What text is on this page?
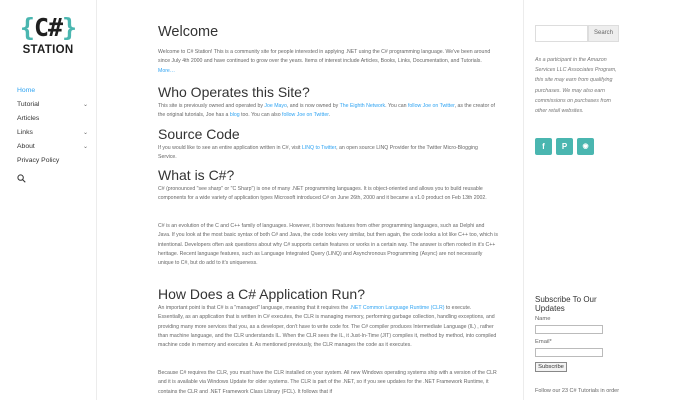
{C#}
STATION
Home
Tutorial	⌄
Articles
Links	⌄
About	⌄
Privacy Policy
Welcome

Welcome to C# Station! This is a community site for people interested in applying .NET using the C# programming language. We've been around since July 4th 2000 and have continued to grow over the years. Items of interest include Articles, Books, Links, Documentation, and Tutorials. More…

Who Operates this Site?

This site is previously owned and operated by Joe Mayo, and is now owned by The Eighth Network. You can follow Joe on Twitter, as the creator of the original tutorials, Joe has a blog too. You can also follow Joe on Twitter.

Source Code

If you would like to see an entire application written in C#, visit LINQ to Twitter, an open source LINQ Provider for the Twitter Micro-Blogging Service.

What is C#?

C# (pronounced "see sharp" or "C Sharp") is one of many .NET programming languages. It is object-oriented and allows you to build reusable components for a wide variety of application types Microsoft introduced C# on June 26th, 2000 and it became a v1.0 product on Feb 13th 2002.

C# is an evolution of the C and C++ family of languages. However, it borrows features from other programming languages, such as Delphi and Java. If you look at the most basic syntax of both C# and Java, the code looks very similar, but then again, the code looks a lot like C++ too, which is intentional. Developers often ask questions about why C# supports certain features or works in a certain way. The answer is often rooted in it's C++ heritage. Recent language features, such as Language Integrated Query (LINQ) and Asynchronous Programming (Async) are not necessarily unique to C#, but do add to it's uniqueness.

How Does a C# Application Run?

An important point is that C# is a "managed" language, meaning that it requires the .NET Common Language Runtime (CLR) to execute. Essentially, as an application that is written in C# executes, the CLR is managing memory, performing garbage collection, handling exceptions, and providing many more services that you, as a developer, don't have to write code for. The C# compiler produces Intermediate Language (IL) , rather than machine language, and the CLR understands IL. When the CLR sees the IL, it Just-In-Time (JIT) compiles it, method by method, into compiled machine code in memory and executes it. As mentioned previously, the CLR manages the code as it executes.

Because C# requires the CLR, you must have the CLR installed on your system. All new Windows operating systems ship with a version of the CLR and it is available via Windows Update for older systems. The CLR is part of the .NET, so if you see updates for the .NET Framework Runtime, it contains the CLR and .NET Framework Class Library (FCL). It follows that if

Search
As a participant in the Amazon Services LLC Associates Program, this site may earn from qualifying purchases. We may also earn commissions on purchases from other retail websites.
f	P	◉
Subscribe To Our Updates
Name
Email*
Subscribe
Follow our 23 C# Tutorials in order
